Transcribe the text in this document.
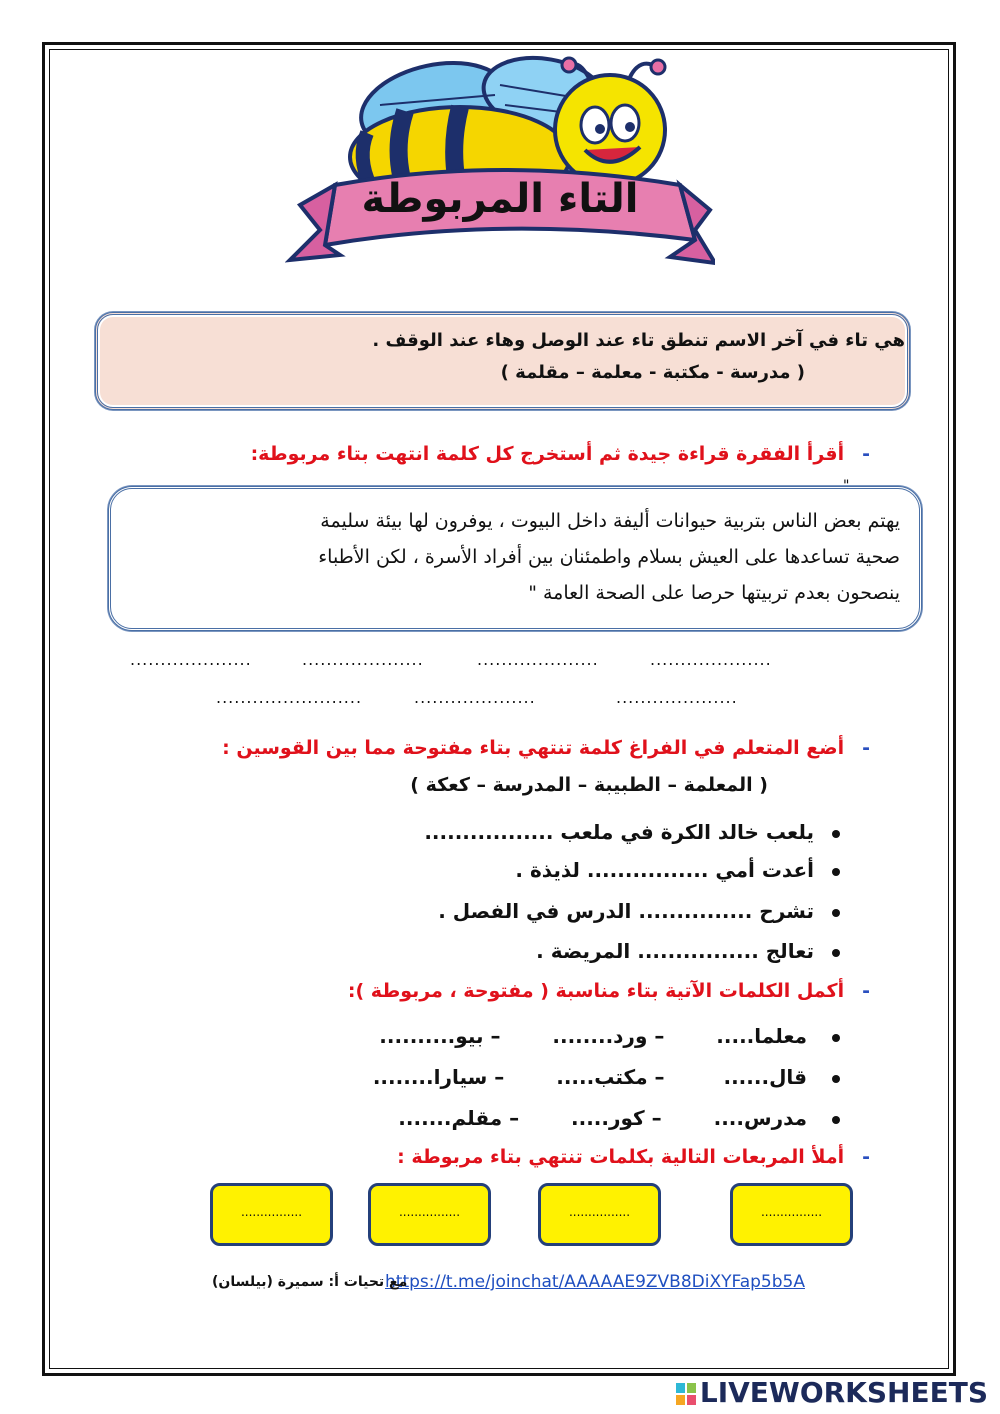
التاء المربوطة
هي تاء في آخر الاسم تنطق تاء عند الوصل وهاء عند الوقف .
( مدرسة - مكتبة - معلمة – مقلمة )
-أقرأ الفقرة قراءة جيدة ثم أستخرج كل كلمة انتهت بتاء مربوطة:
يهتم بعض الناس بتربية حيوانات أليفة داخل البيوت ، يوفرون لها بيئة سليمة
صحية تساعدها على العيش بسلام واطمئنان بين أفراد الأسرة ، لكن الأطباء
ينصحون بعدم تربيتها حرصا على الصحة العامة "
....................
....................
....................
....................
....................
....................
........................
-أضع المتعلم في الفراغ كلمة تنتهي بتاء مفتوحة مما بين القوسين :
( المعلمة – الطبيبة – المدرسة – كعكة )
يلعب خالد الكرة في ملعب .................
أعدت أمي ................ لذيذة .
تشرح ............... الدرس في الفصل .
تعالج ................ المريضة .
-أكمل الكلمات الآتية بتاء مناسبة ( مفتوحة ، مربوطة ):
معلما.....  – ورد........  – بيو..........
قال......  – مكتب.....  – سيارا........
مدرس....  – كور.....  – مقلم.......
-أملأ المربعات التالية بكلمات تنتهي بتاء مربوطة :
................
................
................
................
https://t.me/joinchat/AAAAAE9ZVB8DiXYFap5b5A
مع تحيات أ: سميرة (بيلسان)
LIVEWORKSHEETS
